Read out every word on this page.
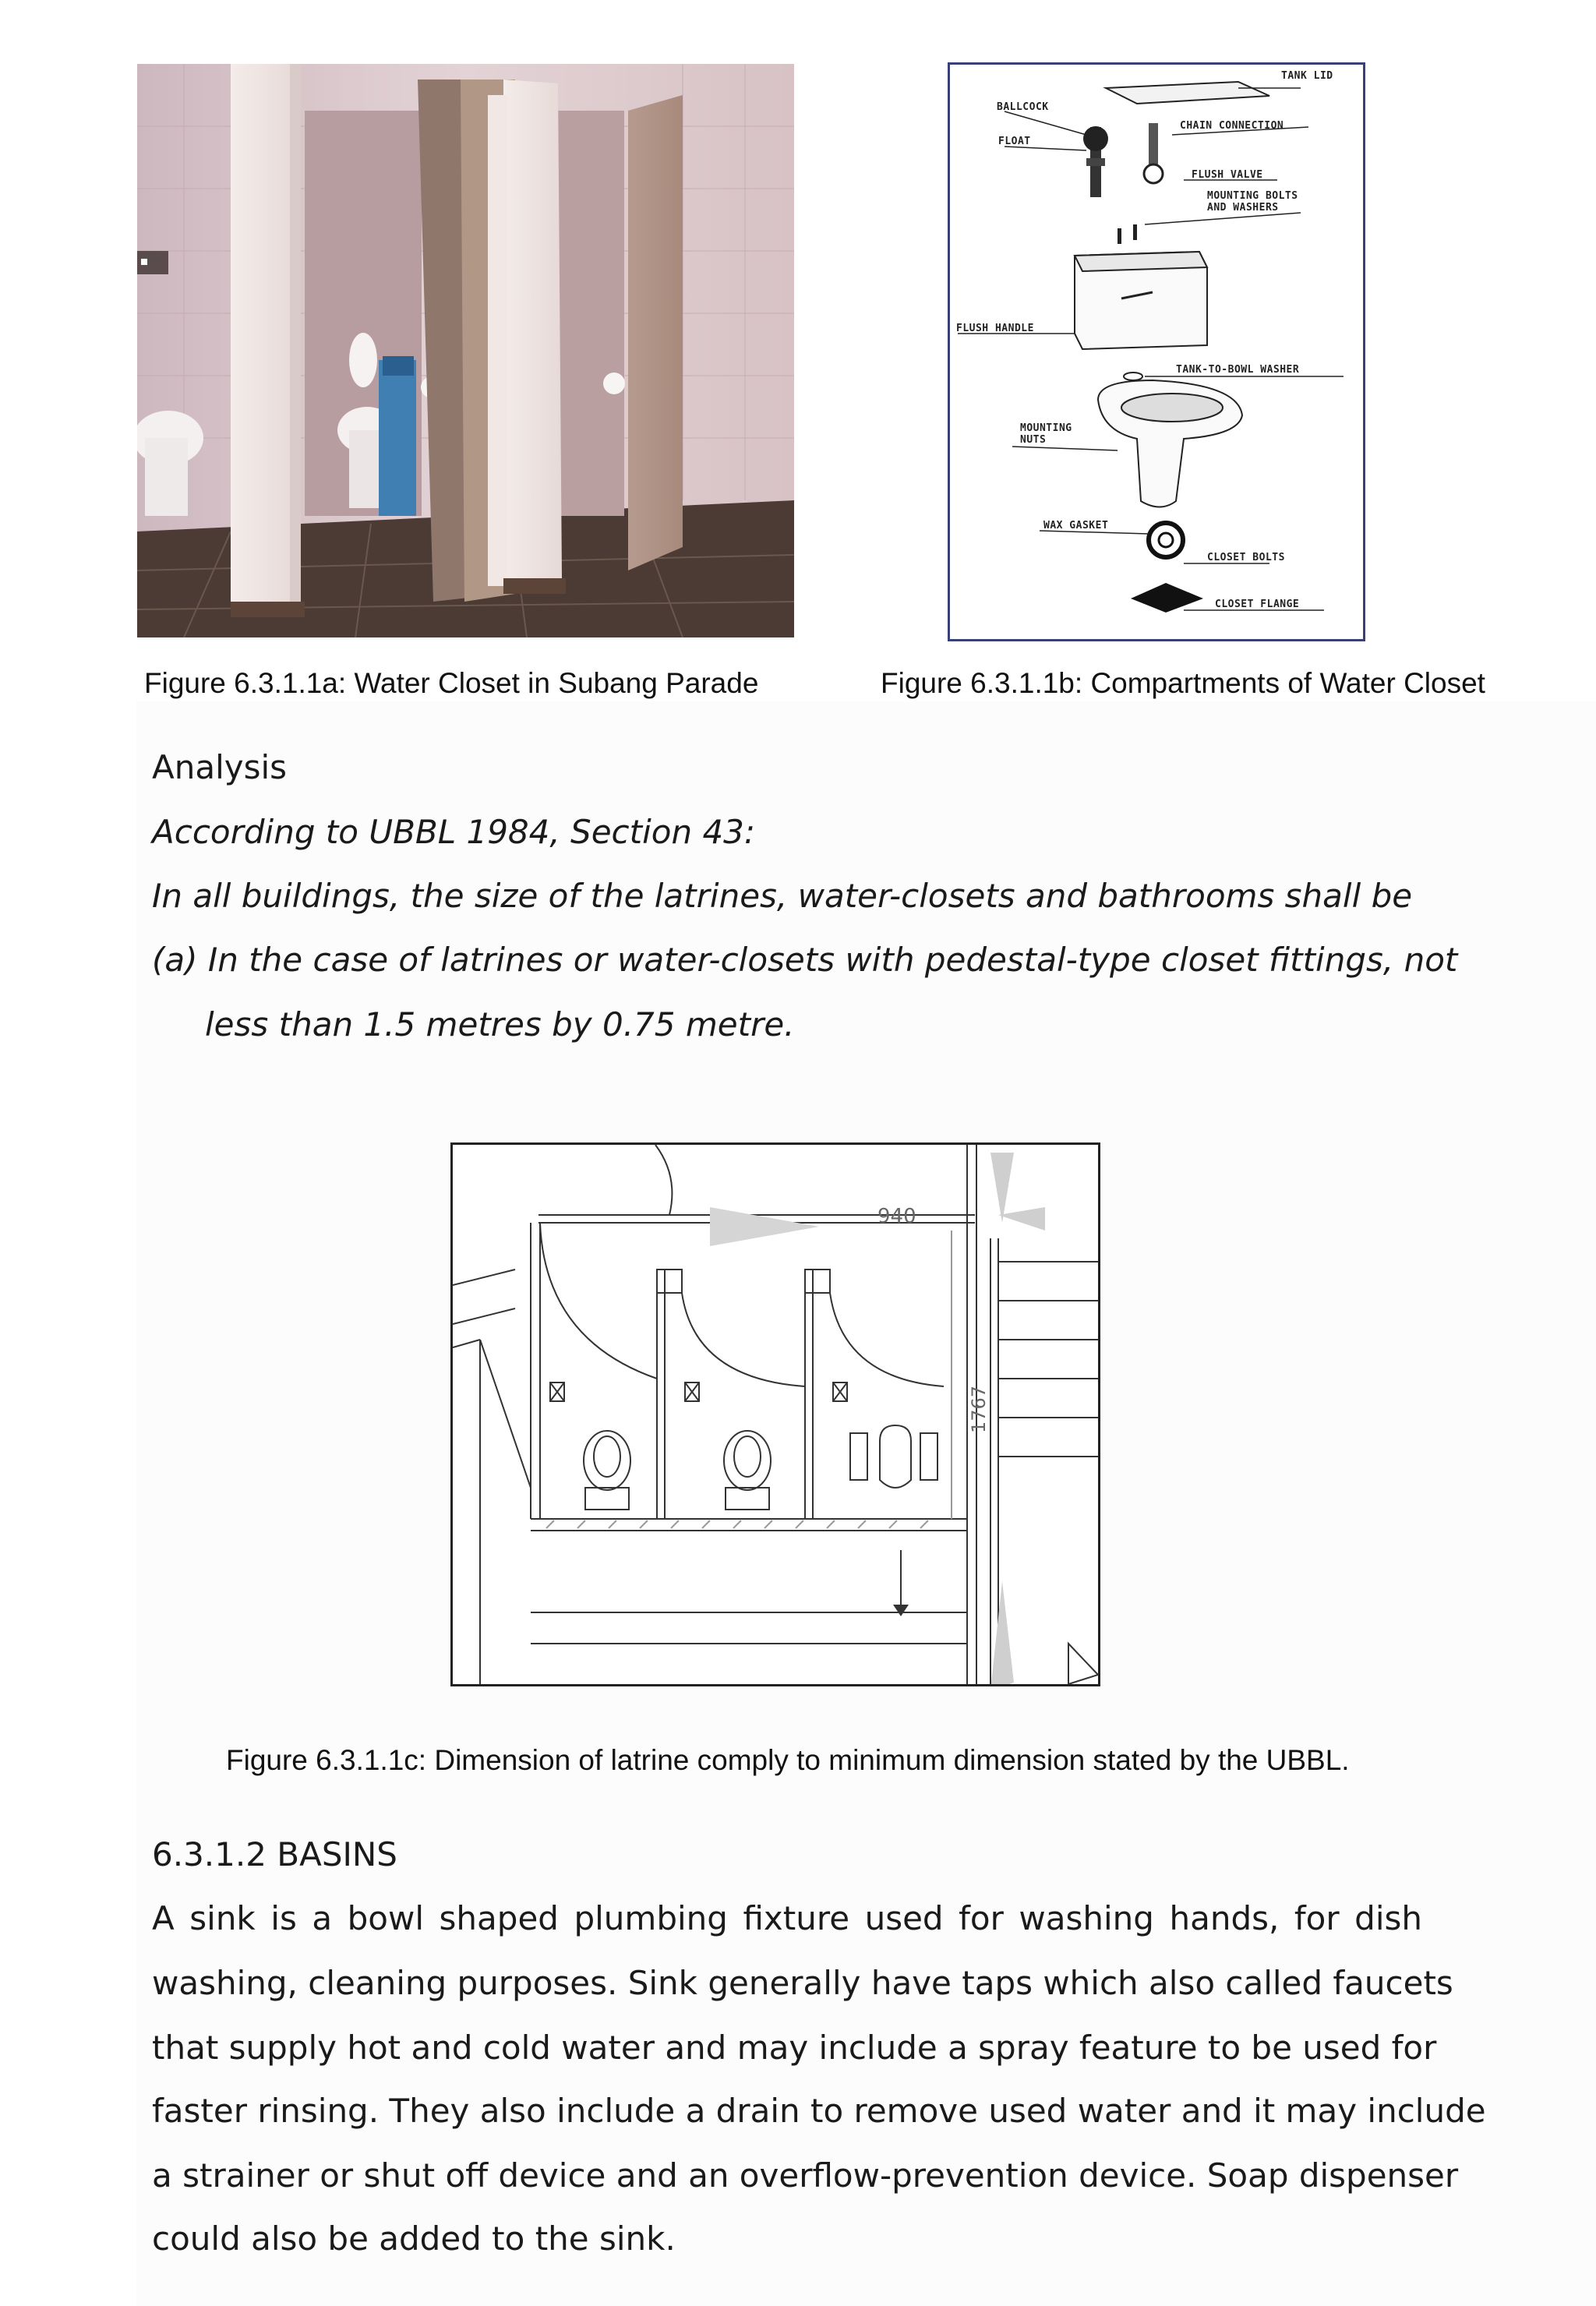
TANK LID
BALLCOCK
FLOAT
CHAIN CONNECTION
FLUSH VALVE
MOUNTING BOLTS
AND WASHERS
FLUSH HANDLE
TANK-TO-BOWL WASHER
MOUNTING
NUTS
WAX GASKET
CLOSET BOLTS
CLOSET FLANGE
Figure 6.3.1.1a: Water Closet in Subang Parade	Figure 6.3.1.1b: Compartments of Water Closet
Analysis
According to UBBL 1984, Section 43:
In all buildings, the size of the latrines, water-closets and bathrooms shall be
(a) In the case of latrines or water-closets with pedestal-type closet fittings, not
less than 1.5 metres by 0.75 metre.
940
1767
Figure 6.3.1.1c: Dimension of latrine comply to minimum dimension stated by the UBBL.
6.3.1.2 BASINS
A sink is a bowl shaped plumbing fixture used for washing hands, for dish
washing, cleaning purposes. Sink generally have taps which also called faucets
that supply hot and cold water and may include a spray feature to be used for
faster rinsing. They also include a drain to remove used water and it may include
a strainer or shut off device and an overflow-prevention device. Soap dispenser
could also be added to the sink.
